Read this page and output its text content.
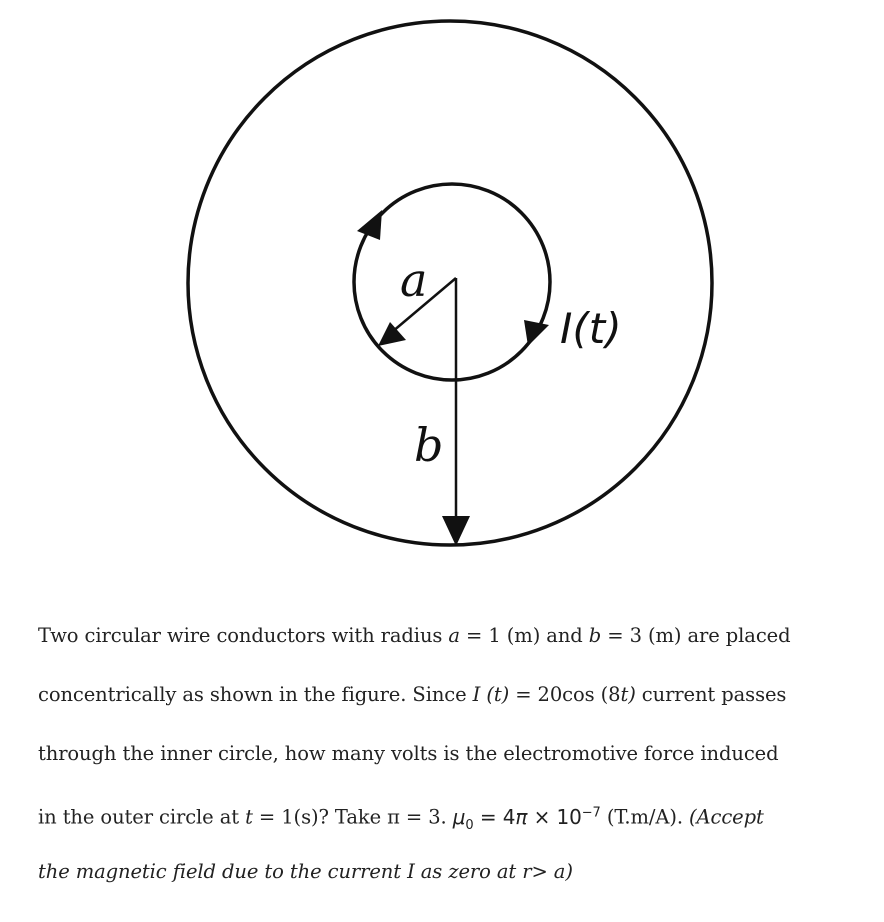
a
b
I(t)
Two circular wire conductors with radius a = 1 (m) and b = 3 (m) are placed
concentrically as shown in the figure. Since I (t) = 20cos (8t) current passes
through the inner circle, how many volts is the electromotive force induced
in the outer circle at t = 1(s)? Take π = 3. $\mu_0 = 4\pi \times 10^{-7}$ (T.m/A). (Accept
the magnetic field due to the current I as zero at r> a)
